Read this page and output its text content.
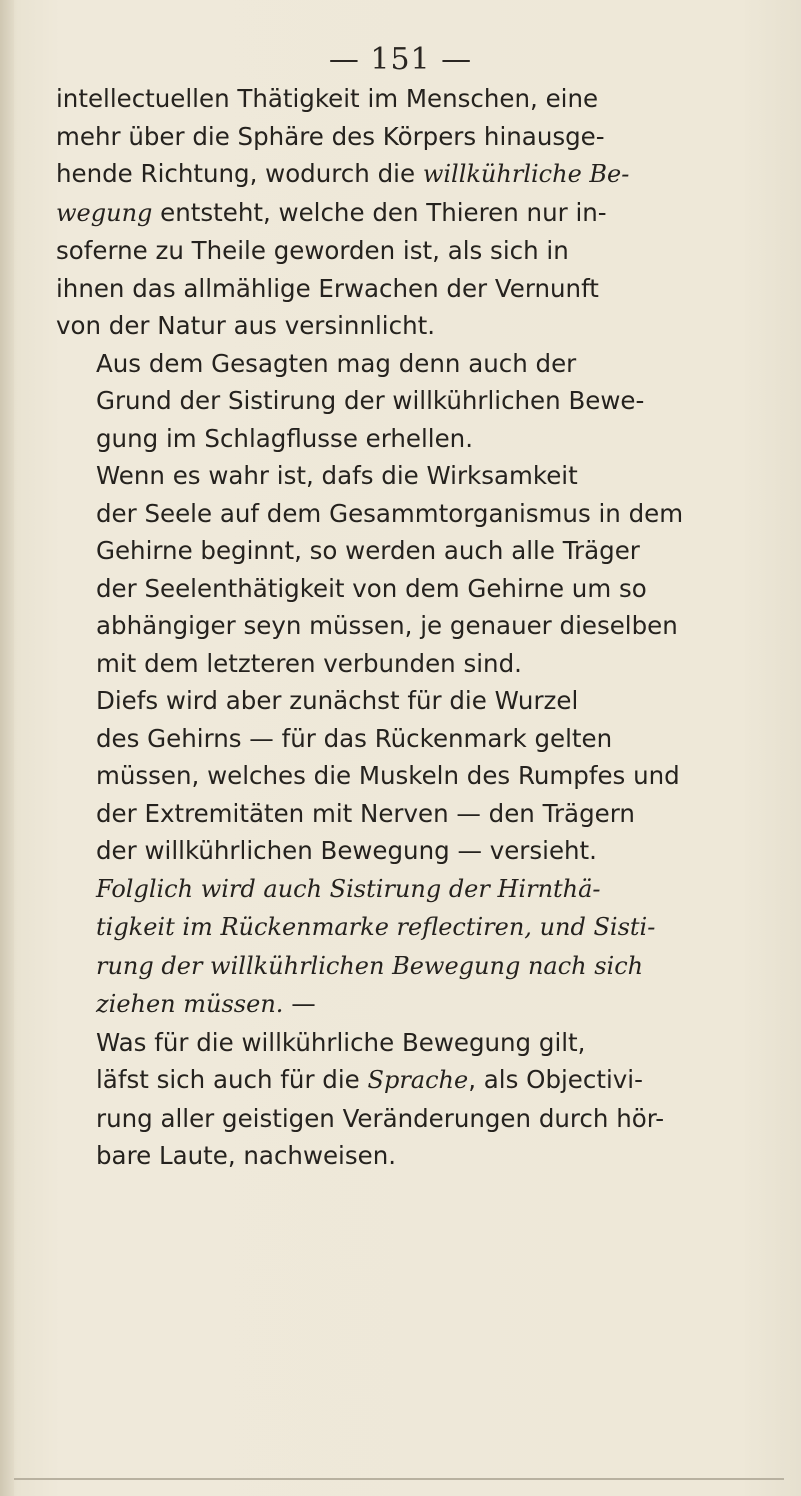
— 151 —

intellectuellen Thätigkeit im Menschen, eine
mehr über die Sphäre des Körpers hinausge-
hende Richtung, wodurch die willkührliche Be-
wegung entsteht, welche den Thieren nur in-
soferne zu Theile geworden ist, als sich in
ihnen das allmählige Erwachen der Vernunft
von der Natur aus versinnlicht.

Aus dem Gesagten mag denn auch der
Grund der Sistirung der willkührlichen Bewe-
gung im Schlagflusse erhellen.

Wenn es wahr ist, dafs die Wirksamkeit
der Seele auf dem Gesammtorganismus in dem
Gehirne beginnt, so werden auch alle Träger
der Seelenthätigkeit von dem Gehirne um so
abhängiger seyn müssen, je genauer dieselben
mit dem letzteren verbunden sind.

Diefs wird aber zunächst für die Wurzel
des Gehirns — für das Rückenmark gelten
müssen, welches die Muskeln des Rumpfes und
der Extremitäten mit Nerven — den Trägern
der willkührlichen Bewegung — versieht.

Folglich wird auch Sistirung der Hirnthä-
tigkeit im Rückenmarke reflectiren, und Sisti-
rung der willkührlichen Bewegung nach sich
ziehen müssen. —

Was für die willkührliche Bewegung gilt,
läfst sich auch für die Sprache, als Objectivi-
rung aller geistigen Veränderungen durch hör-
bare Laute, nachweisen.
